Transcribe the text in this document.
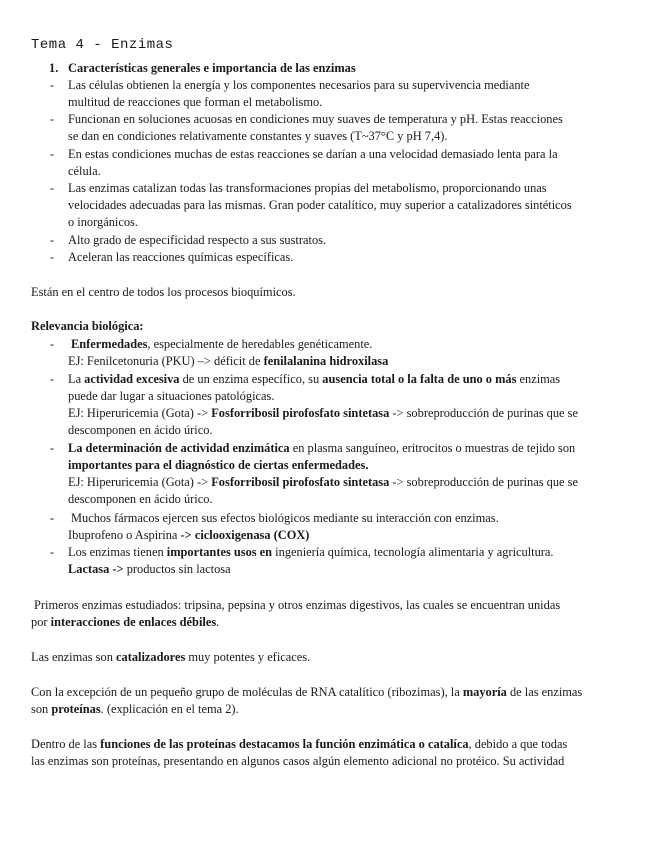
Tema 4 - Enzimas
1. Características generales e importancia de las enzimas
- Las células obtienen la energía y los componentes necesarios para su supervivencia mediante
multitud de reacciones que forman el metabolismo.
- Funcionan en soluciones acuosas en condiciones muy suaves de temperatura y pH. Estas reacciones
se dan en condiciones relativamente constantes y suaves (T~37°C y pH 7,4).
- En estas condiciones muchas de estas reacciones se darían a una velocidad demasiado lenta para la
célula.
- Las enzimas catalizan todas las transformaciones propias del metabolismo, proporcionando unas
velocidades adecuadas para las mismas. Gran poder catalítico, muy superior a catalizadores sintéticos
o inorgánicos.
- Alto grado de especificidad respecto a sus sustratos.
- Aceleran las reacciones químicas específicas.
Están en el centro de todos los procesos bioquímicos.
Relevancia biológica:
- Enfermedades, especialmente de heredables genéticamente.
EJ: Fenilcetonuria (PKU) –> déficit de fenilalanina hidroxilasa
- La actividad excesiva de un enzima específico, su ausencia total o la falta de uno o más enzimas
puede dar lugar a situaciones patológicas.
EJ: Hiperuricemia (Gota) -> Fosforribosil pirofosfato sintetasa -> sobreproducción de purinas que se
descomponen en ácido úrico.
- La determinación de actividad enzimática en plasma sanguíneo, eritrocitos o muestras de tejido son
importantes para el diagnóstico de ciertas enfermedades.
EJ: Hiperuricemia (Gota) -> Fosforribosil pirofosfato sintetasa -> sobreproducción de purinas que se
descomponen en ácido úrico.
- Muchos fármacos ejercen sus efectos biológicos mediante su interacción con enzimas.
Ibuprofeno o Aspirina -> ciclooxigenasa (COX)
- Los enzimas tienen importantes usos en ingeniería química, tecnología alimentaria y agricultura.
Lactasa -> productos sin lactosa
Primeros enzimas estudiados: tripsina, pepsina y otros enzimas digestivos, las cuales se encuentran unidas
por interacciones de enlaces débiles.
Las enzimas son catalizadores muy potentes y eficaces.
Con la excepción de un pequeño grupo de moléculas de RNA catalítico (ribozimas), la mayoría de las enzimas
son proteínas. (explicación en el tema 2).
Dentro de las funciones de las proteínas destacamos la función enzimática o catalíca, debido a que todas
las enzimas son proteínas, presentando en algunos casos algún elemento adicional no protéico. Su actividad
